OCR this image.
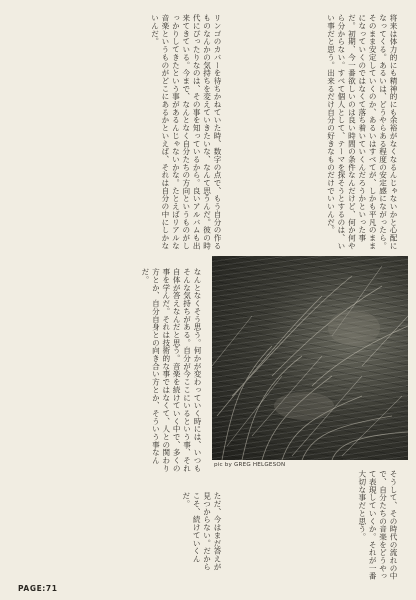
将来は体力的にも精神的にも余裕がなくなるんじゃないかと心配になってくる。あるいは、どうやらある程度の安定感にながったら。 そのまま安定していくのか、あるいはすべてが、しかも平凡のままになっていくのではなくて落ち着いていくんだろうかといった事だ。初期、今一番欲しいのは良い時間の条件なんだけど、何か何やら分からない。すべて個人として、テーマを探そうとするのは、いい事だと思う。出来るだけ自分の好きなものだけでいいんだ。
リンゴのカバーを待ちかねていた時、数字の点で、もう自分の作るものなんかの気持ちを変えていきたいな、なんて思うんだ。彼の時代にぴったりなのは、その事を知っているから。良いアルバムも出来てきている。今まで、なんとなく自分たちの方向というものがしっかりしてきたという事があるんじゃないかな。たとえばリアルな音楽というものがどこにあるかといえば、それは自分の中にしかないんだ。
なんとなくそう思う。何かが変わっていく時には、いつもそんな気持ちがある。自分が今ここにいるという事、それ自体が答えなんだと思う。音楽を続けていく中で、多くの事を学んだ。それは技術的な事ではなくて、人との関わり方とか、自分自身との向き合い方とか、そういう事なんだ。
pic by GREG HELGESON
そうして、その時代の流れの中で、自分たちの音楽をどうやって表現していくか。それが一番大切な事だと思う。
ただ、今はまだ答えが見つからない。だからこそ、続けていくんだ。
PAGE:71
